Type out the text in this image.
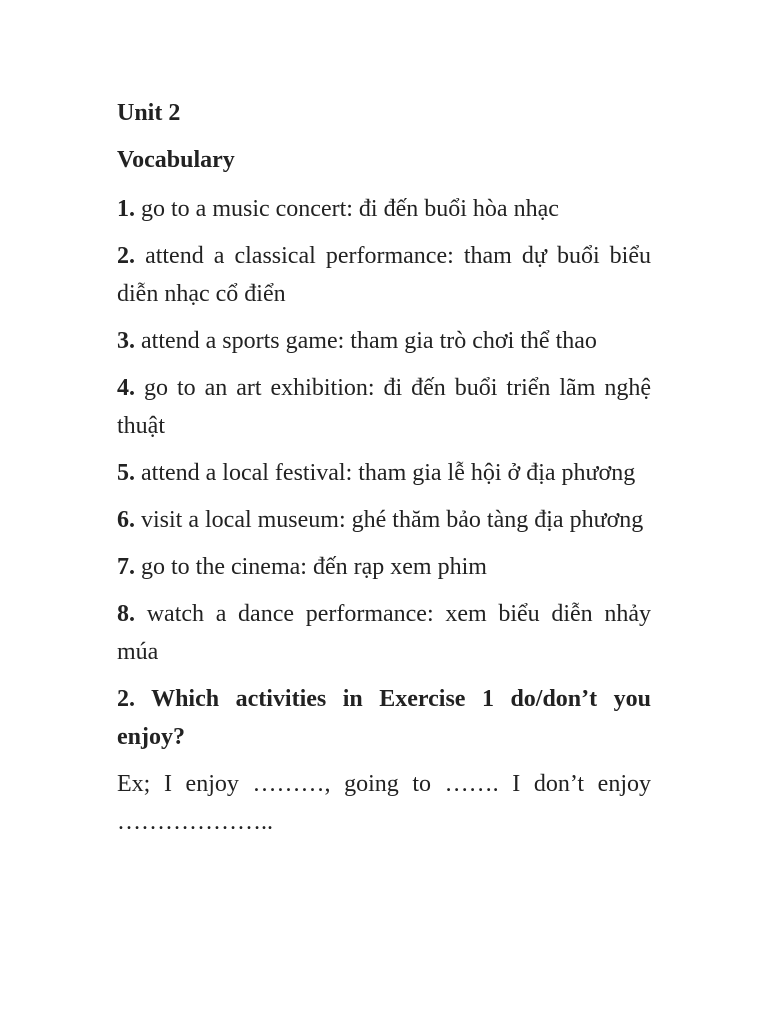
Unit 2
Vocabulary
1. go to a music concert: đi đến buổi hòa nhạc
2. attend a classical performance: tham dự buổi biểu diễn nhạc cổ điển
3. attend a sports game: tham gia trò chơi thể thao
4. go to an art exhibition: đi đến buổi triển lãm nghệ thuật
5. attend a local festival: tham gia lễ hội ở địa phương
6. visit a local museum: ghé thăm bảo tàng địa phương
7. go to the cinema: đến rạp xem phim
8. watch a dance performance: xem biểu diễn nhảy múa
2. Which activities in Exercise 1 do/don’t you enjoy?
Ex; I enjoy ………, going to ……. I don’t enjoy ………………..
